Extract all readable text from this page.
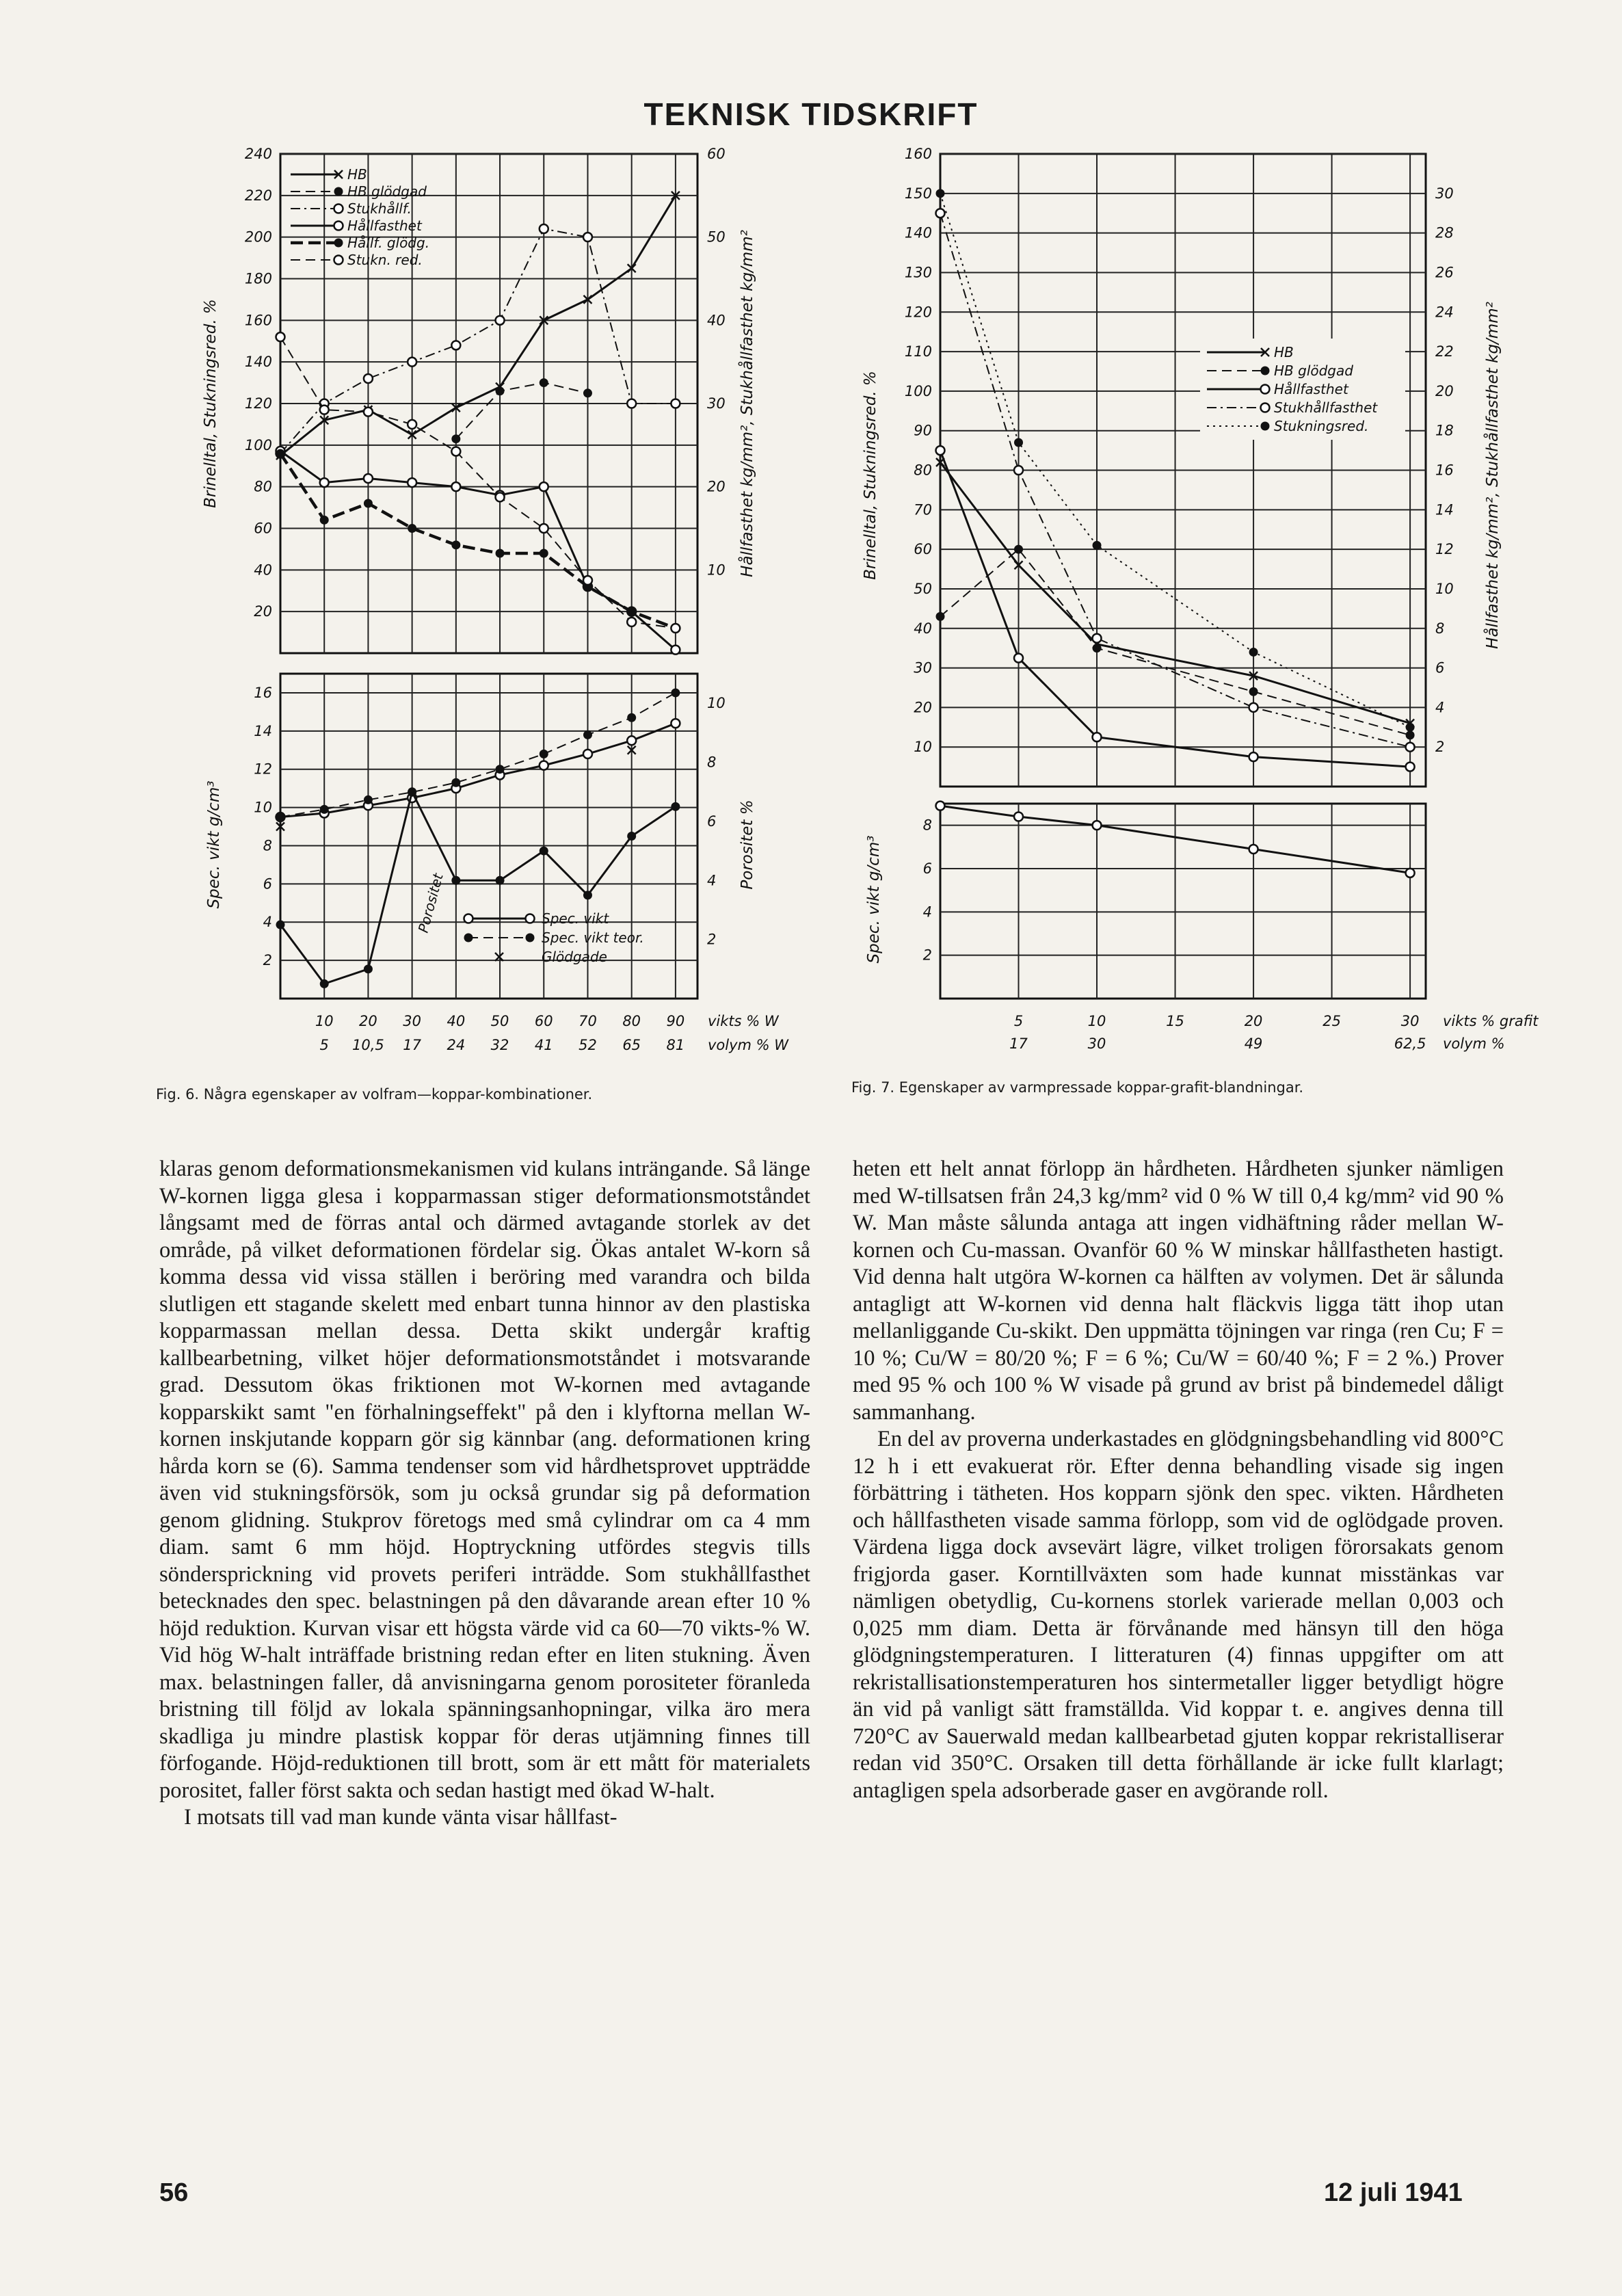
TEKNISK TIDSKRIFT
240
220
200
180
160
140
120
100
80
60
40
20
60
50
40
30
20
10
16
14
12
10
8
6
4
2
10
8
6
4
2
10
5
20
10,5
30
17
40
24
50
32
60
41
70
52
80
65
90
81
vikts % W
volym % W
Brinelltal, Stukningsred. %	Hållfasthet kg/mm², Stukhållfasthet kg/mm²
Spec. vikt g/cm³	Porositet %
Porositet
HB
HB glödgad
Stukhållf.
Hållfasthet
Hållf. glödg.
Stukn. red.
Spec. vikt
Spec. vikt teor.
Glödgade
Fig. 6. Några egenskaper av volfram—koppar-kombinationer.
160
150
140
130
120
110
100
90
80
70
60
50
40
30
20
10
30
28
26
24
22
20
18
16
14
12
10
8
6
4
2
8
6
4
2
5	10	15	20	25	30
17	30	49	62,5
vikts % grafit
volym %
Brinelltal, Stukningsred. %	Hållfasthet kg/mm², Stukhållfasthet kg/mm²
Spec. vikt g/cm³
HB
HB glödgad
Hållfasthet
Stukhållfasthet
Stukningsred.
Fig. 7. Egenskaper av varmpressade koppar-grafit-blandningar.

klaras genom deformationsmekanismen vid kulans inträngande. Så länge W-kornen ligga glesa i kopparmassan stiger deformationsmotståndet långsamt med de förras antal och därmed avtagande storlek av det område, på vilket deformationen fördelar sig. Ökas antalet W-korn så komma dessa vid vissa ställen i beröring med varandra och bilda slutligen ett stagande skelett med enbart tunna hinnor av den plastiska kopparmassan mellan dessa. Detta skikt undergår kraftig kallbearbetning, vilket höjer deformationsmotståndet i motsvarande grad. Dessutom ökas friktionen mot W-kornen med avtagande kopparskikt samt "en förhalningseffekt" på den i klyftorna mellan W-kornen inskjutande kopparn gör sig kännbar (ang. deformationen kring hårda korn se (6). Samma tendenser som vid hårdhetsprovet uppträdde även vid stukningsförsök, som ju också grundar sig på deformation genom glidning. Stukprov företogs med små cylindrar om ca 4 mm diam. samt 6 mm höjd. Hoptryckning utfördes stegvis tills söndersprickning vid provets periferi inträdde. Som stukhållfasthet betecknades den spec. belastningen på den dåvarande arean efter 10 % höjd reduktion. Kurvan visar ett högsta värde vid ca 60—70 vikts-% W. Vid hög W-halt inträffade bristning redan efter en liten stukning. Även max. belastningen faller, då anvisningarna genom porositeter föranleda bristning till följd av lokala spänningsanhopningar, vilka äro mera skadliga ju mindre plastisk koppar för deras utjämning finnes till förfogande. Höjd-reduktionen till brott, som är ett mått för materialets porositet, faller först sakta och sedan hastigt med ökad W-halt.

I motsats till vad man kunde vänta visar hållfast-

heten ett helt annat förlopp än hårdheten. Hårdheten sjunker nämligen med W-tillsatsen från 24,3 kg/mm² vid 0 % W till 0,4 kg/mm² vid 90 % W. Man måste sålunda antaga att ingen vidhäftning råder mellan W-kornen och Cu-massan. Ovanför 60 % W minskar hållfastheten hastigt. Vid denna halt utgöra W-kornen ca hälften av volymen. Det är sålunda antagligt att W-kornen vid denna halt fläckvis ligga tätt ihop utan mellanliggande Cu-skikt. Den uppmätta töjningen var ringa (ren Cu; F = 10 %; Cu/W = 80/20 %; F = 6 %; Cu/W = 60/40 %; F = 2 %.) Prover med 95 % och 100 % W visade på grund av brist på bindemedel dåligt sammanhang.

En del av proverna underkastades en glödgningsbehandling vid 800°C 12 h i ett evakuerat rör. Efter denna behandling visade sig ingen förbättring i tätheten. Hos kopparn sjönk den spec. vikten. Hårdheten och hållfastheten visade samma förlopp, som vid de oglödgade proven. Värdena ligga dock avsevärt lägre, vilket troligen förorsakats genom frigjorda gaser. Korntillväxten som hade kunnat misstänkas var nämligen obetydlig, Cu-kornens storlek varierade mellan 0,003 och 0,025 mm diam. Detta är förvånande med hänsyn till den höga glödgningstemperaturen. I litteraturen (4) finnas uppgifter om att rekristallisationstemperaturen hos sintermetaller ligger betydligt högre än vid på vanligt sätt framställda. Vid koppar t. e. angives denna till 720°C av Sauerwald medan kallbearbetad gjuten koppar rekristalliserar redan vid 350°C. Orsaken till detta förhållande är icke fullt klarlagt; antagligen spela adsorberade gaser en avgörande roll.

56	12 juli 1941
